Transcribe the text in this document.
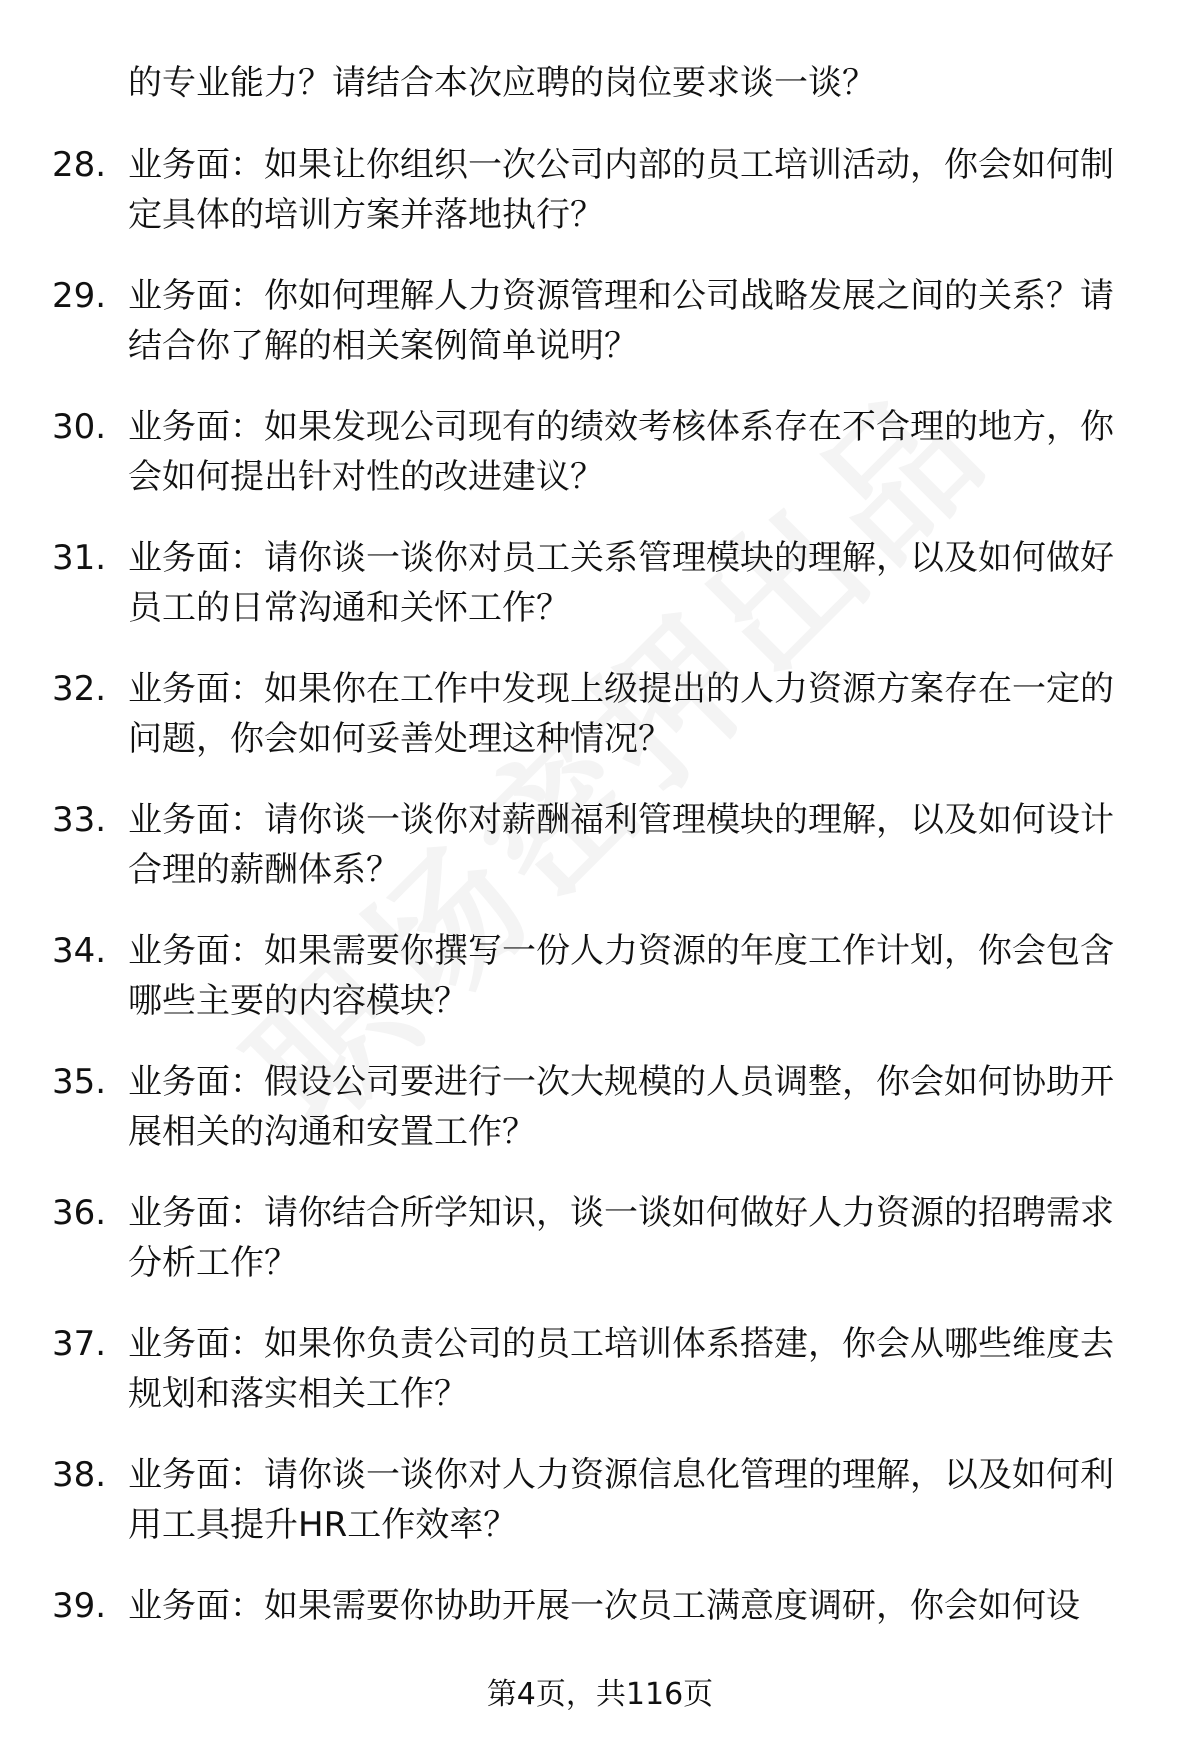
的专业能力？请结合本次应聘的岗位要求谈一谈？
28. 业务面：如果让你组织一次公司内部的员工培训活动，你会如何制定具体的培训方案并落地执行？
29. 业务面：你如何理解人力资源管理和公司战略发展之间的关系？请结合你了解的相关案例简单说明？
30. 业务面：如果发现公司现有的绩效考核体系存在不合理的地方，你会如何提出针对性的改进建议？
31. 业务面：请你谈一谈你对员工关系管理模块的理解，以及如何做好员工的日常沟通和关怀工作？
32. 业务面：如果你在工作中发现上级提出的人力资源方案存在一定的问题，你会如何妥善处理这种情况？
33. 业务面：请你谈一谈你对薪酬福利管理模块的理解，以及如何设计合理的薪酬体系？
34. 业务面：如果需要你撰写一份人力资源的年度工作计划，你会包含哪些主要的内容模块？
35. 业务面：假设公司要进行一次大规模的人员调整，你会如何协助开展相关的沟通和安置工作？
36. 业务面：请你结合所学知识，谈一谈如何做好人力资源的招聘需求分析工作？
37. 业务面：如果你负责公司的员工培训体系搭建，你会从哪些维度去规划和落实相关工作？
38. 业务面：请你谈一谈你对人力资源信息化管理的理解，以及如何利用工具提升HR工作效率？
39. 业务面：如果需要你协助开展一次员工满意度调研，你会如何设
第4页，共116页
